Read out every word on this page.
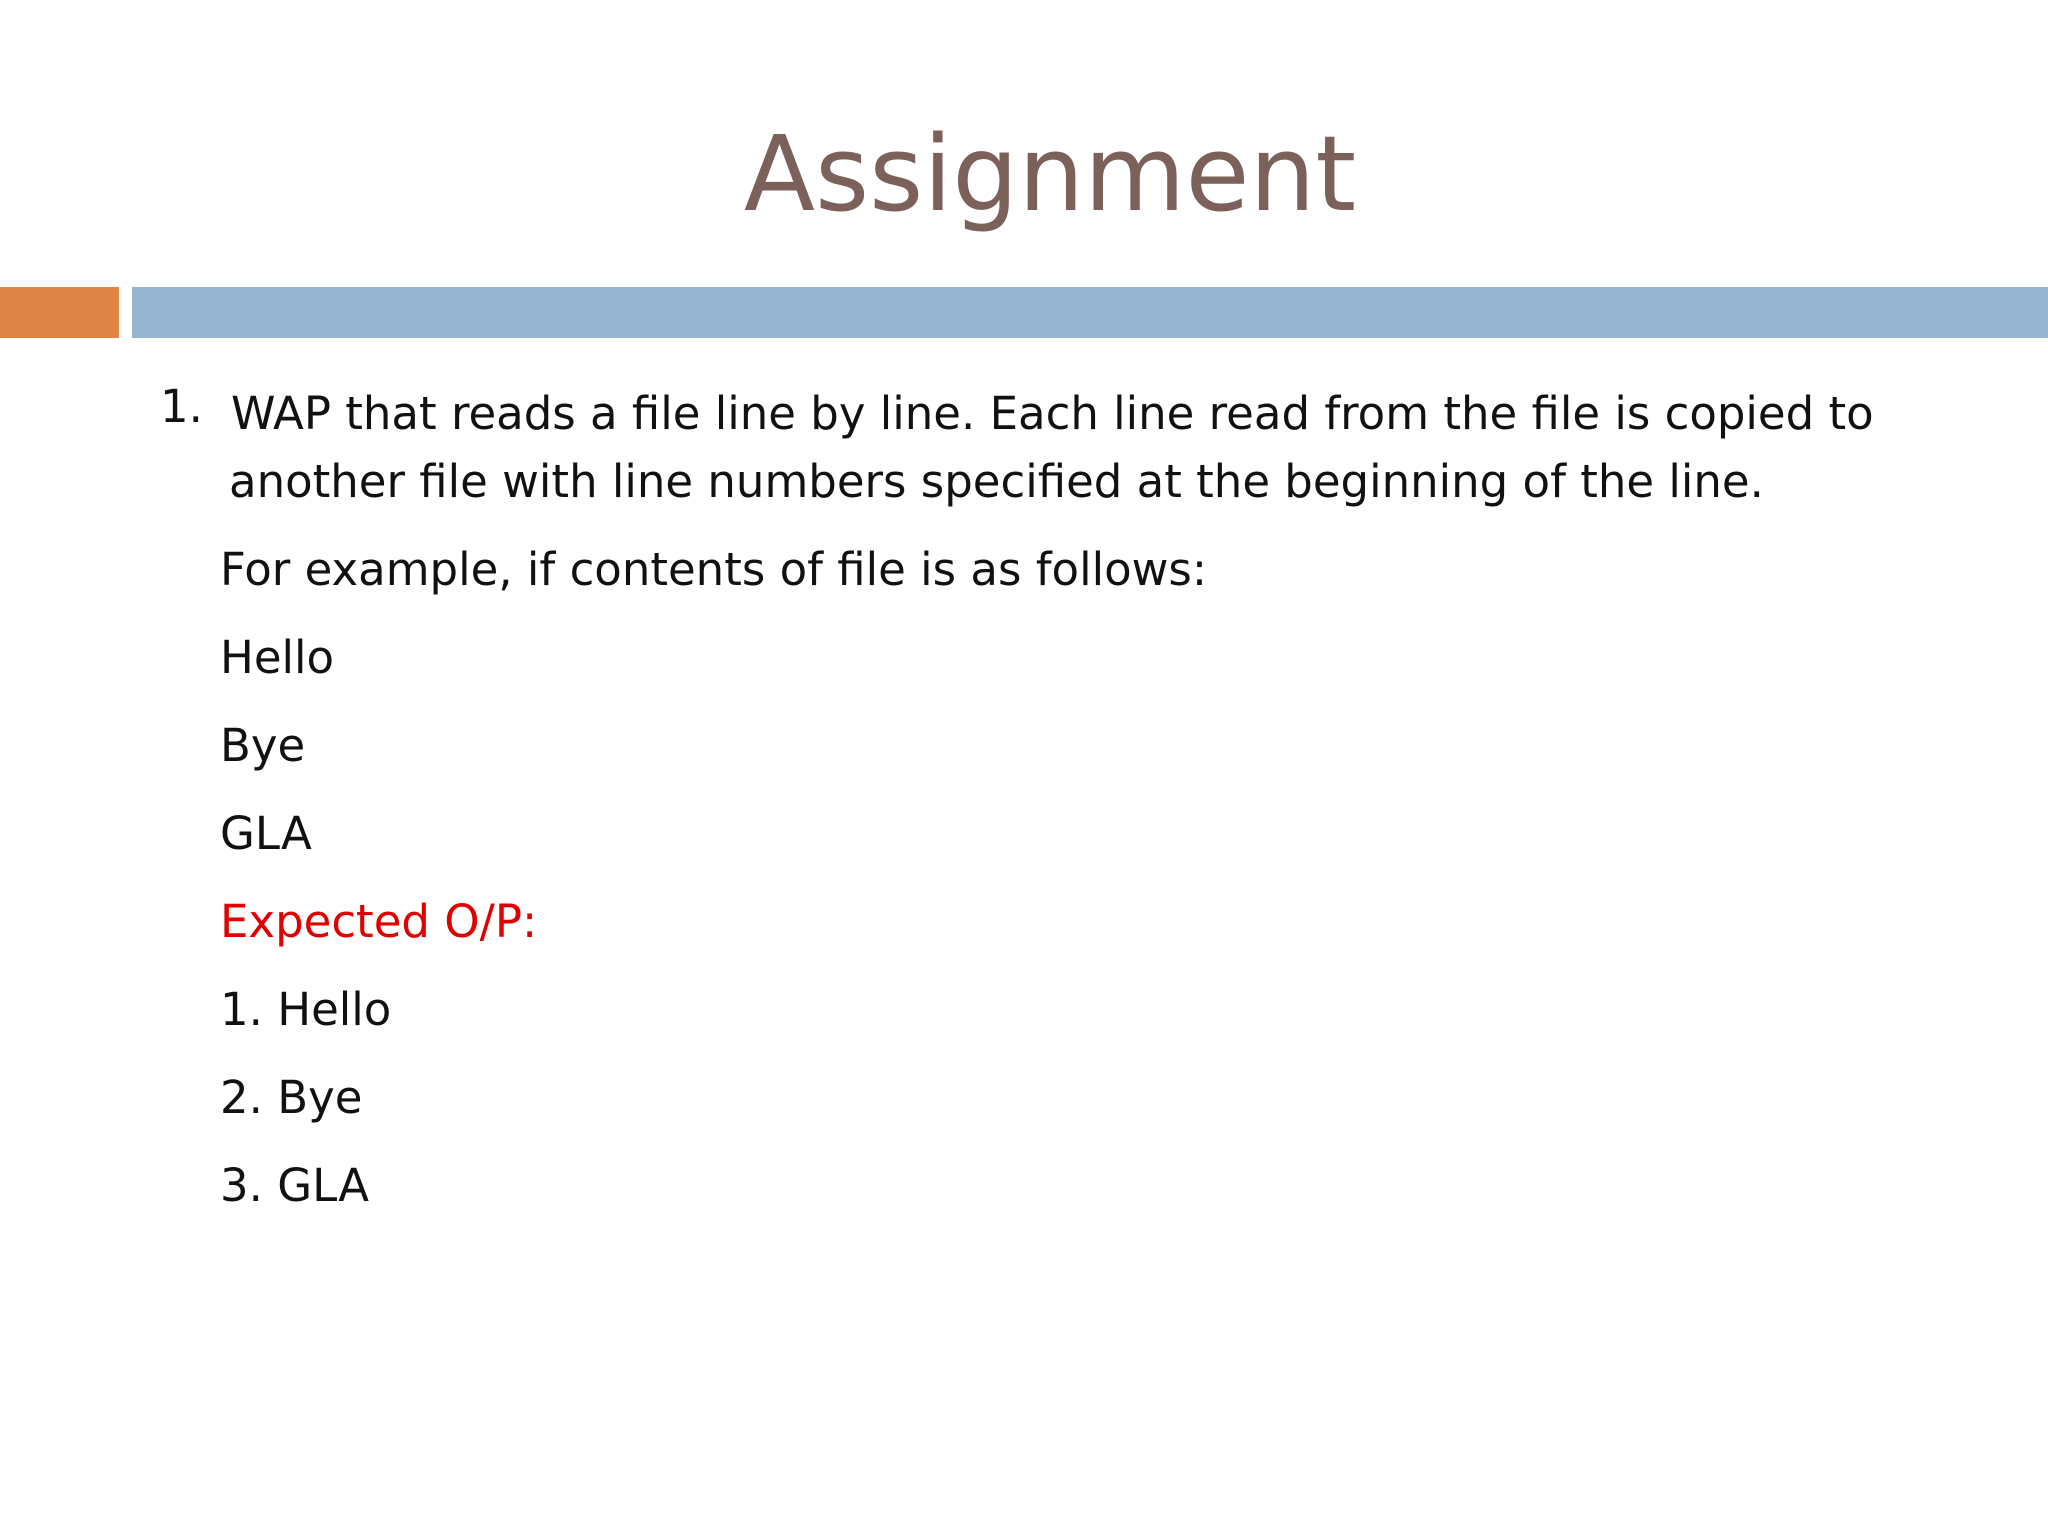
Assignment
1. WAP that reads a file line by line. Each line read from the file is copied to
another file with line numbers specified at the beginning of the line.

For example, if contents of file is as follows:

Hello

Bye

GLA

Expected O/P:

1. Hello

2. Bye

3. GLA
